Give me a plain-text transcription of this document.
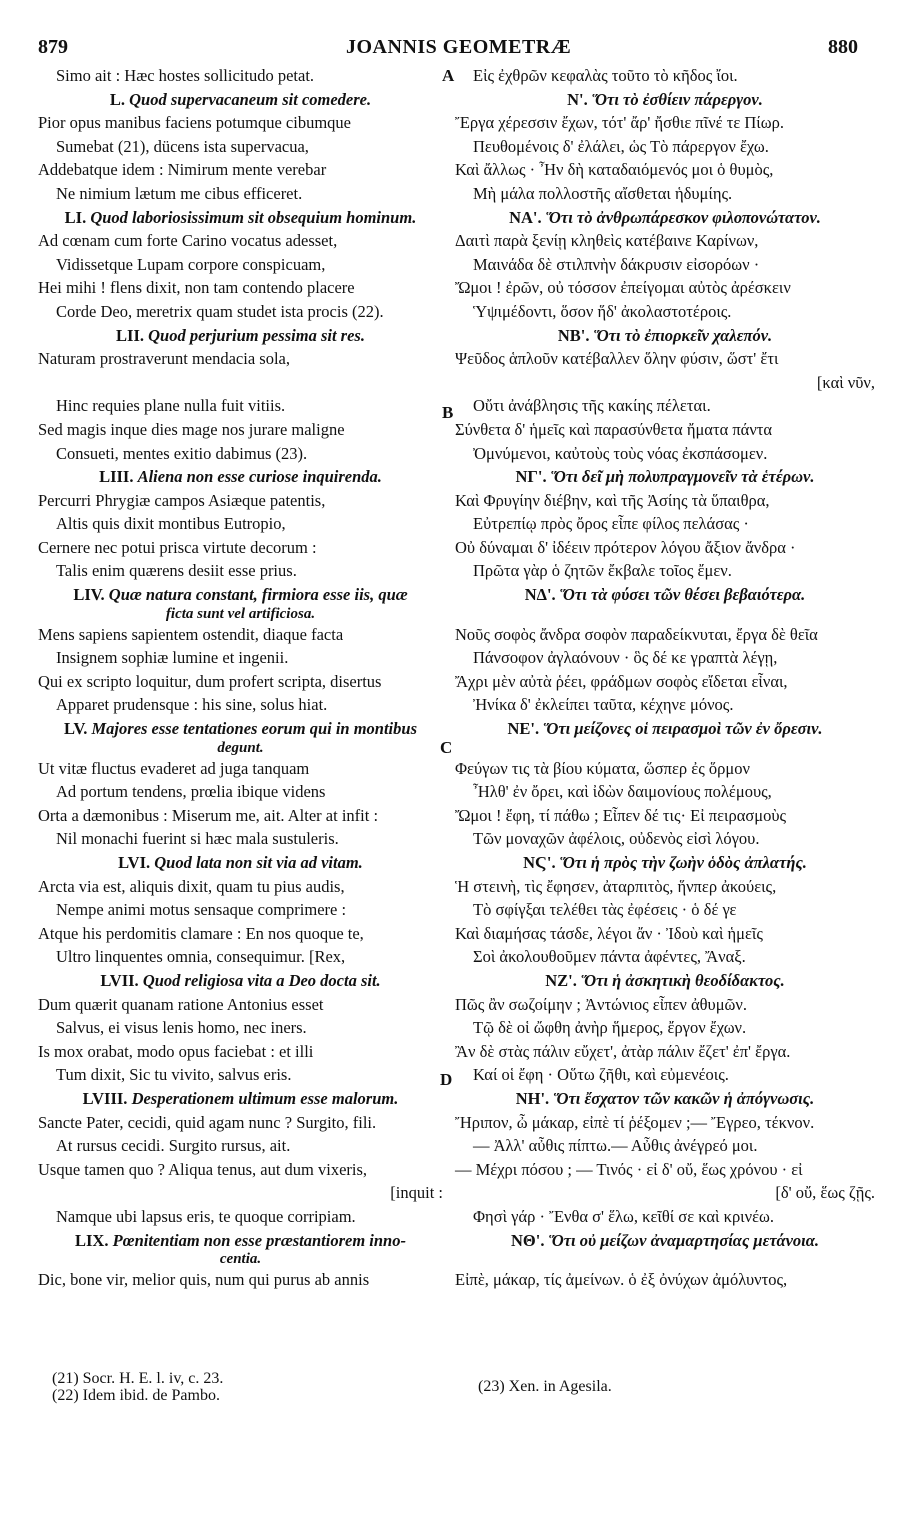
879	JOANNIS GEOMETRÆ	880
Simo ait : Hæc hostes sollicitudo petat.
L. Quod supervacaneum sit comedere.
Pior opus manibus faciens potumque cibumque
Sumebat (21), dücens ista supervacua,
Addebatque idem : Nimirum mente verebar
Ne nimium lætum me cibus efficeret.
LI. Quod laboriosissimum sit obsequium hominum.
Ad cœnam cum forte Carino vocatus adesset,
Vidissetque Lupam corpore conspicuam,
Hei mihi ! flens dixit, non tam contendo placere
Corde Deo, meretrix quam studet ista procis (22).
LII. Quod perjurium pessima sit res.
Naturam prostraverunt mendacia sola,
Hinc requies plane nulla fuit vitiis.
Sed magis inque dies mage nos jurare maligne
Consueti, mentes exitio dabimus (23).
LIII. Aliena non esse curiose inquirenda.
Percurri Phrygiæ campos Asiæque patentis,
Altis quis dixit montibus Eutropio,
Cernere nec potui prisca virtute decorum :
Talis enim quærens desiit esse prius.
LIV. Quæ natura constant, firmiora esse iis, quæ
ficta sunt vel artificiosa.
Mens sapiens sapientem ostendit, diaque facta
Insignem sophiæ lumine et ingenii.
Qui ex scripto loquitur, dum profert scripta, disertus
Apparet prudensque : his sine, solus hiat.
LV. Majores esse tentationes eorum qui in montibus
degunt.
Ut vitæ fluctus evaderet ad juga tanquam
Ad portum tendens, prœlia ibique videns
Orta a dæmonibus : Miserum me, ait. Alter at infit :
Nil monachi fuerint si hæc mala sustuleris.
LVI. Quod lata non sit via ad vitam.
Arcta via est, aliquis dixit, quam tu pius audis,
Nempe animi motus sensaque comprimere :
Atque his perdomitis clamare : En nos quoque te,
Ultro linquentes omnia, consequimur. [Rex,
LVII. Quod religiosa vita a Deo docta sit.
Dum quærit quanam ratione Antonius esset
Salvus, ei visus lenis homo, nec iners.
Is mox orabat, modo opus faciebat : et illi
Tum dixit, Sic tu vivito, salvus eris.
LVIII. Desperationem ultimum esse malorum.
Sancte Pater, cecidi, quid agam nunc ? Surgito, fili.
At rursus cecidi. Surgito rursus, ait.
Usque tamen quo ? Aliqua tenus, aut dum vixeris,
[inquit :
Namque ubi lapsus eris, te quoque corripiam.
LIX. Pœnitentiam non esse præstantiorem inno-
centia.
Dic, bone vir, melior quis, num qui purus ab annis
Εἰς ἐχθρῶν κεφαλὰς τοῦτο τὸ κῆδος ἴοι.
Ν'. Ὅτι τὸ ἐσθίειν πάρεργον.
Ἔργα χέρεσσιν ἔχων, τότ' ἄρ' ἤσθιε πῖνέ τε Πίωρ.
Πευθομένοις δ' ἐλάλει, ὡς Τὸ πάρεργον ἔχω.
Καὶ ἄλλως · Ἦν δὴ καταδαιόμενός μοι ὁ θυμὸς,
Μὴ μάλα πολλοστῆς αἴσθεται ἡδυμίης.
ΝΑ'. Ὅτι τὸ ἀνθρωπάρεσκον φιλοπονώτατον.
Δαιτὶ παρὰ ξενίῃ κληθεὶς κατέβαινε Καρίνων,
Μαινάδα δὲ στιλπνὴν δάκρυσιν εἰσορόων ·
Ὤμοι ! ἐρῶν, οὐ τόσσον ἐπείγομαι αὐτὸς ἀρέσκειν
Ὑψιμέδοντι, ὅσον ἥδ' ἀκολαστοτέροις.
ΝΒ'. Ὅτι τὸ ἐπιορκεῖν χαλεπόν.
Ψεῦδος ἁπλοῦν κατέβαλλεν ὅλην φύσιν, ὥστ' ἔτι
[καὶ νῦν,
Οὔτι ἀνάβλησις τῆς κακίης πέλεται.
Σύνθετα δ' ἡμεῖς καὶ παρασύνθετα ἤματα πάντα
Ὀμνύμενοι, καὐτοὺς τοὺς νόας ἐκσπάσομεν.
ΝΓ'. Ὅτι δεῖ μὴ πολυπραγμονεῖν τὰ ἑτέρων.
Καὶ Φρυγίην διέβην, καὶ τῆς Ἀσίης τὰ ὕπαιθρα,
Εὐτρεπίῳ πρὸς ὄρος εἶπε φίλος πελάσας ·
Οὐ δύναμαι δ' ἰδέειν πρότερον λόγου ἄξιον ἄνδρα ·
Πρῶτα γὰρ ὁ ζητῶν ἔκβαλε τοῖος ἔμεν.
ΝΔ'. Ὅτι τὰ φύσει τῶν θέσει βεβαιότερα.
Νοῦς σοφὸς ἄνδρα σοφὸν παραδείκνυται, ἔργα δὲ θεῖα
Πάνσοφον ἀγλαόνουν · ὃς δέ κε γραπτὰ λέγῃ,
Ἄχρι μὲν αὐτὰ ῥέει, φράδμων σοφὸς εἴδεται εἶναι,
Ἠνίκα δ' ἐκλείπει ταῦτα, κέχηνε μόνος.
ΝΕ'. Ὅτι μείζονες οἱ πειρασμοὶ τῶν ἐν ὄρεσιν.
Φεύγων τις τὰ βίου κύματα, ὥσπερ ἐς ὅρμον
Ἦλθ' ἐν ὄρει, καὶ ἰδὼν δαιμονίους πολέμους,
Ὤμοι ! ἔφη, τί πάθω ; Εἶπεν δέ τις· Εἰ πειρασμοὺς
Τῶν μοναχῶν ἀφέλοις, οὐδενὸς εἰσὶ λόγου.
ΝϚ'. Ὅτι ἡ πρὸς τὴν ζωὴν ὁδὸς ἀπλατής.
Ἡ στεινὴ, τὶς ἔφησεν, ἀταρπιτὸς, ἥνπερ ἀκούεις,
Τὸ σφίγξαι τελέθει τὰς ἐφέσεις · ὁ δέ γε
Καὶ διαμήσας τάσδε, λέγοι ἄν · Ἰδοὺ καὶ ἡμεῖς
Σοὶ ἀκολουθοῦμεν πάντα ἀφέντες, Ἄναξ.
ΝΖ'. Ὅτι ἡ ἀσκητικὴ θεοδίδακτος.
Πῶς ἂν σωζοίμην ; Ἀντώνιος εἶπεν ἀθυμῶν.
Τῷ δὲ οἱ ὤφθη ἀνὴρ ἥμερος, ἔργον ἔχων.
Ἂν δὲ στὰς πάλιν εὔχετ', ἀτὰρ πάλιν ἔζετ' ἐπ' ἔργα.
Καί οἱ ἔφη · Οὕτω ζῆθι, καὶ εὐμενέοις.
ΝΗ'. Ὅτι ἔσχατον τῶν κακῶν ἡ ἀπόγνωσις.
Ἤριπον, ὦ μάκαρ, εἰπὲ τί ῥέξομεν ;— Ἔγρεο, τέκνον.
— Ἀλλ' αὖθις πίπτω.— Αὖθις ἀνέγρεό μοι.
— Μέχρι πόσου ; — Τινός · εἰ δ' οὔ, ἕως χρόνου · εἰ
[δ' οὔ, ἕως ζῇς.
Φησὶ γάρ · Ἔνθα σ' ἕλω, κεῖθί σε καὶ κρινέω.
ΝΘ'. Ὅτι οὐ μείζων ἀναμαρτησίας μετάνοια.
Εἰπὲ, μάκαρ, τίς ἀμείνων. ὁ ἐξ ὀνύχων ἀμόλυντος,
A
B
C
D
(21) Socr. H. E. l. iv, c. 23.
(22) Idem ibid. de Pambo.
(23) Xen. in Agesila.
